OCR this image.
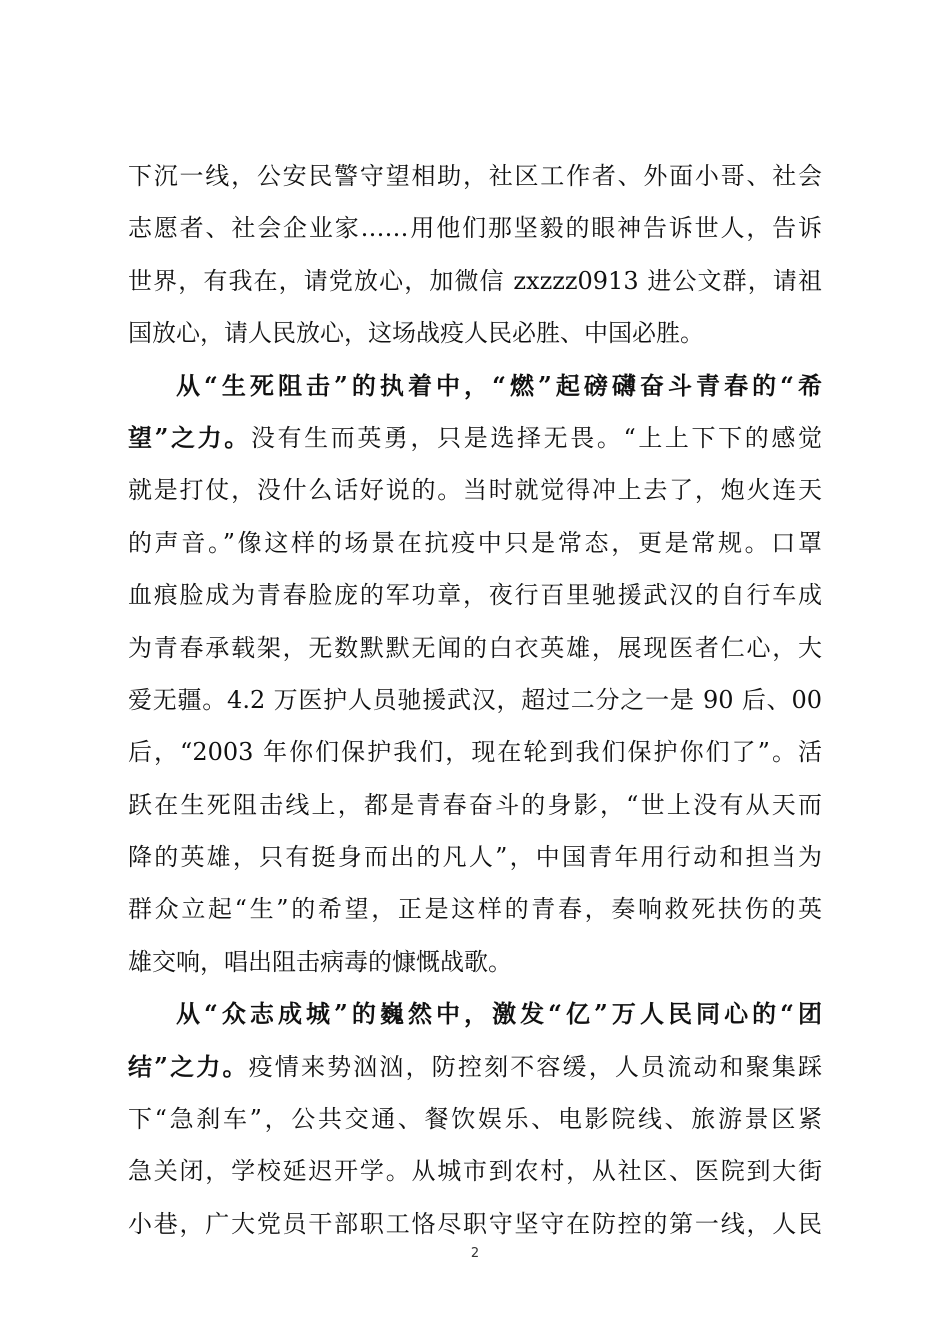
下沉一线，公安民警守望相助，社区工作者、外面小哥、社会
志愿者、社会企业家……用他们那坚毅的眼神告诉世人，告诉
世界，有我在，请党放心，加微信 zxzzz0913 进公文群，请祖
国放心，请人民放心，这场战疫人民必胜、中国必胜。
从“生死阻击”的执着中，“燃”起磅礴奋斗青春的“希
望”之力。没有生而英勇，只是选择无畏。“上上下下的感觉
就是打仗，没什么话好说的。当时就觉得冲上去了，炮火连天
的声音。”像这样的场景在抗疫中只是常态，更是常规。口罩
血痕脸成为青春脸庞的军功章，夜行百里驰援武汉的自行车成
为青春承载架，无数默默无闻的白衣英雄，展现医者仁心，大
爱无疆。4.2 万医护人员驰援武汉，超过二分之一是 90 后、00
后，“2003 年你们保护我们，现在轮到我们保护你们了”。活
跃在生死阻击线上，都是青春奋斗的身影，“世上没有从天而
降的英雄，只有挺身而出的凡人”，中国青年用行动和担当为
群众立起“生”的希望，正是这样的青春，奏响救死扶伤的英
雄交响，唱出阻击病毒的慷慨战歌。
从“众志成城”的巍然中，激发“亿”万人民同心的“团
结”之力。疫情来势汹汹，防控刻不容缓，人员流动和聚集踩
下“急刹车”，公共交通、餐饮娱乐、电影院线、旅游景区紧
急关闭，学校延迟开学。从城市到农村，从社区、医院到大街
小巷，广大党员干部职工恪尽职守坚守在防控的第一线，人民
2
